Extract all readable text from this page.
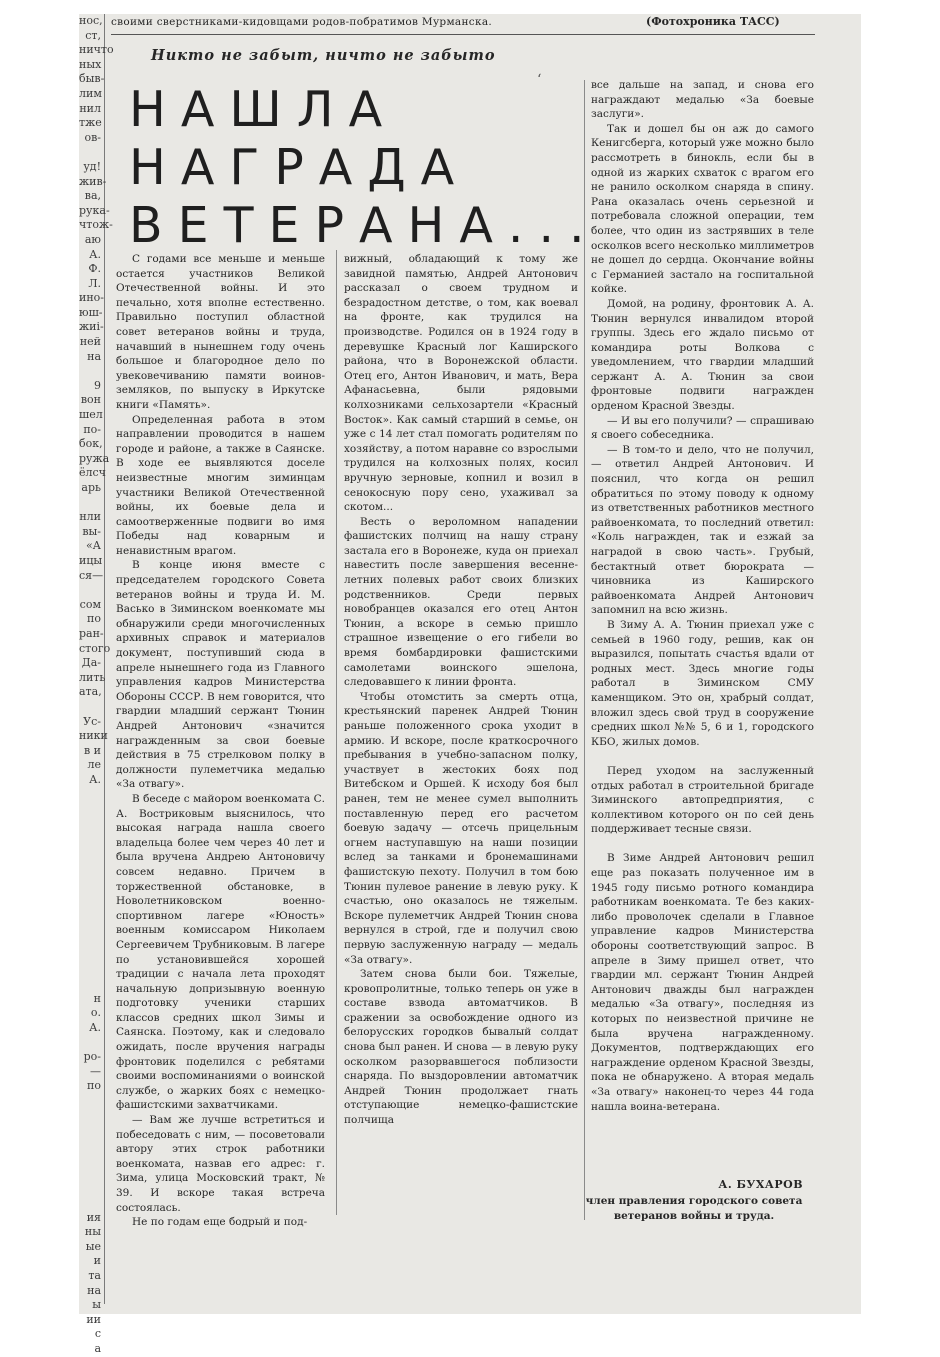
нос,
ст,
ничто
ных
быв-
лим
нил
тже
ов-
уд!
жив-
ва,
рука-
чтож-
аю
А.
Ф.
Л.
ино-
юш-
жиі-
ней
на
9
вон
шел
по-
бок,
ружа
ёлсч
арь
нли
вы-
«А
ицы
ся—
сом
по
ран-
стого
Да-
лить
ата,
Ус-
ники
в и
ле
А.
н
о.
А.
ро-
—
по
ия
ны
ые
и
та
на
ы
ии
с
а
своими сверстниками-кидовщами родов-побратимов Мурманска.	(Фотохроника ТАСС)
Никто не забыт, ничто не забыто
ʻ
НАШЛА
НАГРАДА
ВЕТЕРАНА...

С годами все меньше и меньше остается участников Великой Отечественной войны. И это печально, хотя вполне естественно. Правильно поступил областной совет ветеранов войны и труда, начавший в нынешнем году очень большое и благородное дело по увековечиванию памяти воинов-земляков, по выпуску в Иркутске книги «Память».

Определенная работа в этом направлении проводится в нашем городе и районе, а также в Саянске. В ходе ее выявляются доселе неизвестные многим зиминцам участники Великой Отечественной войны, их боевые дела и самоотверженные подвиги во имя Победы над коварным и ненавистным врагом.

В конце июня вместе с председателем городского Совета ветеранов войны и труда И. М. Васько в Зиминском военкомате мы обнаружили среди многочисленных архивных справок и материалов документ, поступивший сюда в апреле нынешнего года из Главного управления кадров Министерства Обороны СССР. В нем говорится, что гвардии младший сержант Тюнин Андрей Антонович «значится награжденным за свои боевые действия в 75 стрелковом полку в должности пулеметчика медалью «За отвагу».

В беседе с майором военкомата С. А. Востриковым выяснилось, что высокая награда нашла своего владельца более чем через 40 лет и была вручена Андрею Антоновичу совсем недавно. Причем в торжественной обстановке, в Новолетниковском военно-спортивном лагере «Юность» военным комиссаром Николаем Сергеевичем Трубниковым. В лагере по установившейся хорошей традиции с начала лета проходят начальную допризывную военную подготовку ученики старших классов средних школ Зимы и Саянска. Поэтому, как и следовало ожидать, после вручения награды фронтовик поделился с ребятами своими воспоминаниями о воинской службе, о жарких боях с немецко-фашистскими захватчиками.

— Вам же лучше встретиться и побеседовать с ним, — посоветовали автору этих строк работники военкомата, назвав его адрес: г. Зима, улица Московский тракт, № 39. И вскоре такая встреча состоялась.

Не по годам еще бодрый и под-

вижный, обладающий к тому же завидной памятью, Андрей Антонович рассказал о своем трудном и безрадостном детстве, о том, как воевал на фронте, как трудился на производстве. Родился он в 1924 году в деревушке Красный лог Каширского района, что в Воронежской области. Отец его, Антон Иванович, и мать, Вера Афанасьевна, были рядовыми колхозниками сельхозартели «Красный Восток». Как самый старший в семье, он уже с 14 лет стал помогать родителям по хозяйству, а потом наравне со взрослыми трудился на колхозных полях, косил вручную зерновые, копнил и возил в сенокосную пору сено, ухаживал за скотом...

Весть о вероломном нападении фашистских полчищ на нашу страну застала его в Воронеже, куда он приехал навестить после завершения весенне-летних полевых работ своих близких родственников. Среди первых новобранцев оказался его отец Антон Тюнин, а вскоре в семью пришло страшное извещение о его гибели во время бомбардировки фашистскими самолетами воинского эшелона, следовавшего к линии фронта.

Чтобы отомстить за смерть отца, крестьянский паренек Андрей Тюнин раньше положенного срока уходит в армию. И вскоре, после краткосрочного пребывания в учебно-запасном полку, участвует в жестоких боях под Витебском и Оршей. К исходу боя был ранен, тем не менее сумел выполнить поставленную перед его расчетом боевую задачу — отсечь прицельным огнем наступавшую на наши позиции вслед за танками и бронемашинами фашистскую пехоту. Получил в том бою Тюнин пулевое ранение в левую руку. К счастью, оно оказалось не тяжелым. Вскоре пулеметчик Андрей Тюнин снова вернулся в строй, где и получил свою первую заслуженную награду — медаль «За отвагу».

Затем снова были бои. Тяжелые, кровопролитные, только теперь он уже в составе взвода автоматчиков. В сражении за освобождение одного из белорусских городков бывалый солдат снова был ранен. И снова — в левую руку осколком разорвавшегося поблизости снаряда. По выздоровлении автоматчик Андрей Тюнин продолжает гнать отступающие немецко-фашистские полчища

все дальше на запад, и снова его награждают медалью «За боевые заслуги».

Так и дошел бы он аж до самого Кенигсберга, который уже можно было рассмотреть в бинокль, если бы в одной из жарких схваток с врагом его не ранило осколком снаряда в спину. Рана оказалась очень серьезной и потребовала сложной операции, тем более, что один из застрявших в теле осколков всего несколько миллиметров не дошел до сердца. Окончание войны с Германией застало на госпитальной койке.

Домой, на родину, фронтовик А. А. Тюнин вернулся инвалидом второй группы. Здесь его ждало письмо от командира роты Волкова с уведомлением, что гвардии младший сержант А. А. Тюнин за свои фронтовые подвиги награжден орденом Красной Звезды.

— И вы его получили? — спрашиваю я своего собеседника.

— В том-то и дело, что не получил, — ответил Андрей Антонович. И пояснил, что когда он решил обратиться по этому поводу к одному из ответственных работников местного райвоенкомата, то последний ответил: «Коль награжден, так и езжай за наградой в свою часть». Грубый, бестактный ответ бюрократа — чиновника из Каширского райвоенкомата Андрей Антонович запомнил на всю жизнь.

В Зиму А. А. Тюнин приехал уже с семьей в 1960 году, решив, как он выразился, попытать счастья вдали от родных мест. Здесь многие годы работал в Зиминском СМУ каменщиком. Это он, храбрый солдат, вложил здесь свой труд в сооружение средних школ №№ 5, 6 и 1, городского КБО, жилых домов.

Перед уходом на заслуженный отдых работал в строительной бригаде Зиминского автопредприятия, с коллективом которого он по сей день поддерживает тесные связи.

В Зиме Андрей Антонович решил еще раз показать полученное им в 1945 году письмо ротного командира работникам военкомата. Те без каких-либо проволочек сделали в Главное управление кадров Министерства обороны соответствующий запрос. В апреле в Зиму пришел ответ, что гвардии мл. сержант Тюнин Андрей Антонович дважды был награжден медалью «За отвагу», последняя из которых по неизвестной причине не была вручена награжденному. Документов, подтверждающих его награждение орденом Красной Звезды, пока не обнаружено. А вторая медаль «За отвагу» наконец-то через 44 года нашла воина-ветерана.

А. БУХАРОВ
член правления городского совета ветеранов войны и труда.
